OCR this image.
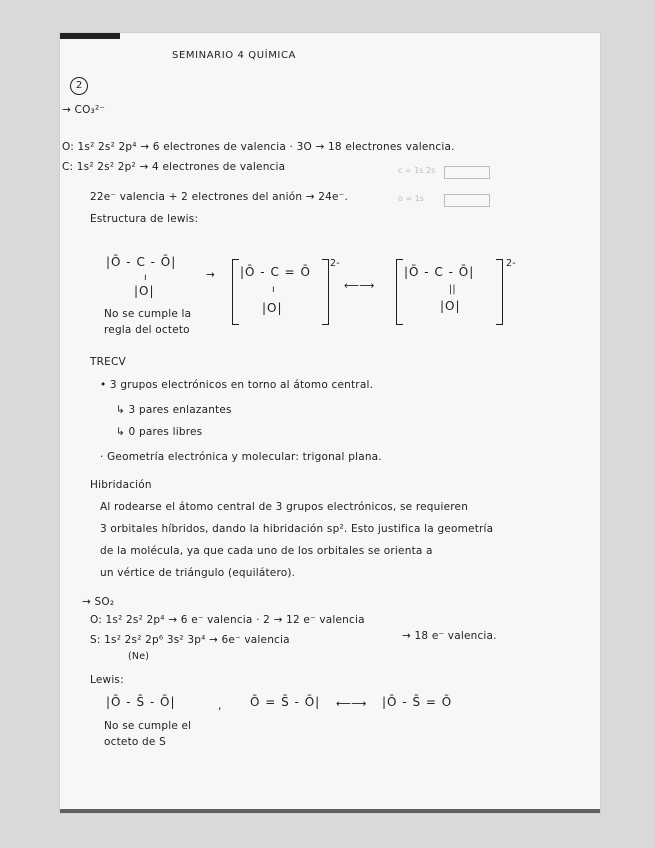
SEMINARIO 4 QUÍMICA
2
→ CO₃²⁻
O: 1s² 2s² 2p⁴ → 6 electrones de valencia · 3O → 18 electrones valencia.
C: 1s² 2s² 2p² → 4 electrones de valencia	c = 1s 2s
22e⁻ valencia + 2 electrones del anión → 24e⁻.	o = 1s
Estructura de lewis:
|Ō - C - Ō|
ı
|O|
→ |Ō - C = Ō
ı
|O|
2-
⟵⟶
|Ō - C - Ō|
||
|O|
2-
No se cumple la
regla del octeto
TRECV
• 3 grupos electrónicos en torno al átomo central.
↳ 3 pares enlazantes
↳ 0 pares libres
· Geometría electrónica y molecular: trigonal plana.
Hibridación
Al rodearse el átomo central de 3 grupos electrónicos, se requieren
3 orbitales híbridos, dando la hibridación sp². Esto justifica la geometría
de la molécula, ya que cada uno de los orbitales se orienta a
un vértice de triángulo (equilátero).
→ SO₂
O: 1s² 2s² 2p⁴ → 6 e⁻ valencia · 2 → 12 e⁻ valencia
S: 1s² 2s² 2p⁶ 3s² 3p⁴ → 6e⁻ valencia
(Ne)
→ 18 e⁻ valencia.
Lewis:
|Ō - S̄ - Ō|	, Ō = S̄ - Ō| ⟵⟶ |Ō - S̄ = Ō
No se cumple el
octeto de S
